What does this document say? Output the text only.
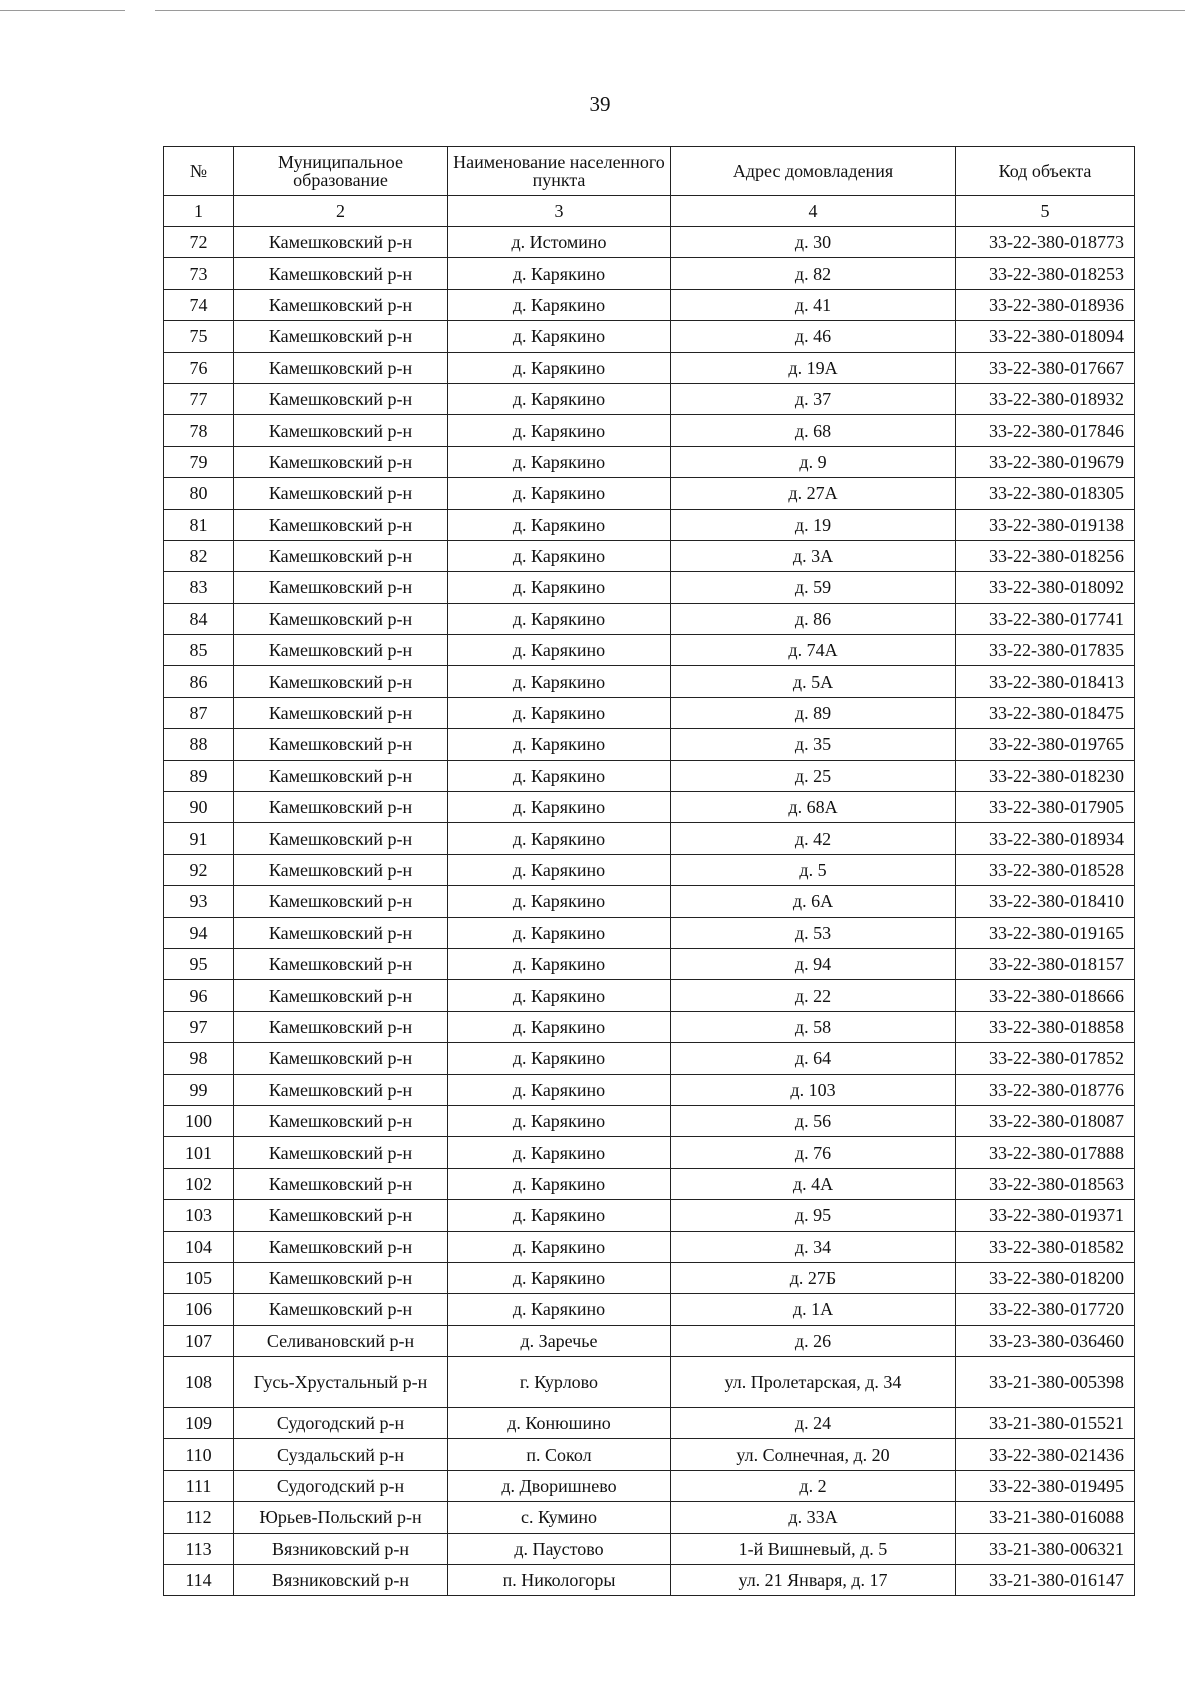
39
№	Муниципальное образование	Наименование населенного пункта	Адрес домовладения	Код объекта
1	2	3	4	5
72	Камешковский р-н	д. Истомино	д. 30	33-22-380-018773
73	Камешковский р-н	д. Карякино	д. 82	33-22-380-018253
74	Камешковский р-н	д. Карякино	д. 41	33-22-380-018936
75	Камешковский р-н	д. Карякино	д. 46	33-22-380-018094
76	Камешковский р-н	д. Карякино	д. 19А	33-22-380-017667
77	Камешковский р-н	д. Карякино	д. 37	33-22-380-018932
78	Камешковский р-н	д. Карякино	д. 68	33-22-380-017846
79	Камешковский р-н	д. Карякино	д. 9	33-22-380-019679
80	Камешковский р-н	д. Карякино	д. 27А	33-22-380-018305
81	Камешковский р-н	д. Карякино	д. 19	33-22-380-019138
82	Камешковский р-н	д. Карякино	д. 3А	33-22-380-018256
83	Камешковский р-н	д. Карякино	д. 59	33-22-380-018092
84	Камешковский р-н	д. Карякино	д. 86	33-22-380-017741
85	Камешковский р-н	д. Карякино	д. 74А	33-22-380-017835
86	Камешковский р-н	д. Карякино	д. 5А	33-22-380-018413
87	Камешковский р-н	д. Карякино	д. 89	33-22-380-018475
88	Камешковский р-н	д. Карякино	д. 35	33-22-380-019765
89	Камешковский р-н	д. Карякино	д. 25	33-22-380-018230
90	Камешковский р-н	д. Карякино	д. 68А	33-22-380-017905
91	Камешковский р-н	д. Карякино	д. 42	33-22-380-018934
92	Камешковский р-н	д. Карякино	д. 5	33-22-380-018528
93	Камешковский р-н	д. Карякино	д. 6А	33-22-380-018410
94	Камешковский р-н	д. Карякино	д. 53	33-22-380-019165
95	Камешковский р-н	д. Карякино	д. 94	33-22-380-018157
96	Камешковский р-н	д. Карякино	д. 22	33-22-380-018666
97	Камешковский р-н	д. Карякино	д. 58	33-22-380-018858
98	Камешковский р-н	д. Карякино	д. 64	33-22-380-017852
99	Камешковский р-н	д. Карякино	д. 103	33-22-380-018776
100	Камешковский р-н	д. Карякино	д. 56	33-22-380-018087
101	Камешковский р-н	д. Карякино	д. 76	33-22-380-017888
102	Камешковский р-н	д. Карякино	д. 4А	33-22-380-018563
103	Камешковский р-н	д. Карякино	д. 95	33-22-380-019371
104	Камешковский р-н	д. Карякино	д. 34	33-22-380-018582
105	Камешковский р-н	д. Карякино	д. 27Б	33-22-380-018200
106	Камешковский р-н	д. Карякино	д. 1А	33-22-380-017720
107	Селивановский р-н	д. Заречье	д. 26	33-23-380-036460
108	Гусь-Хрустальный р-н	г. Курлово	ул. Пролетарская, д. 34	33-21-380-005398
109	Судогодский р-н	д. Конюшино	д. 24	33-21-380-015521
110	Суздальский р-н	п. Сокол	ул. Солнечная, д. 20	33-22-380-021436
111	Судогодский р-н	д. Дворишнево	д. 2	33-22-380-019495
112	Юрьев-Польский р-н	с. Кумино	д. 33А	33-21-380-016088
113	Вязниковский р-н	д. Паустово	1-й Вишневый, д. 5	33-21-380-006321
114	Вязниковский р-н	п. Никологоры	ул. 21 Января, д. 17	33-21-380-016147
